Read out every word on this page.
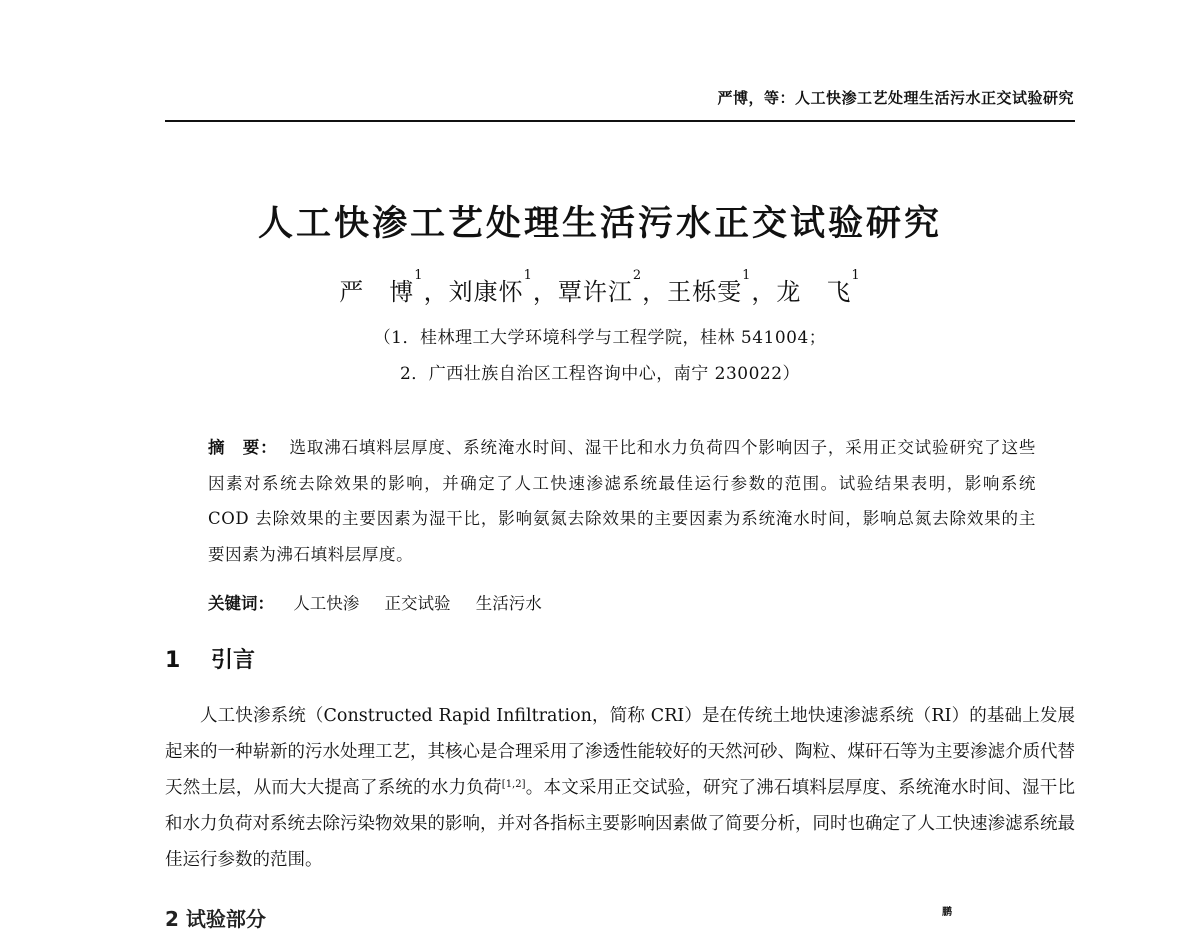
严博，等：人工快渗工艺处理生活污水正交试验研究
人工快渗工艺处理生活污水正交试验研究
严　博$^1$，刘康怀$^1$，覃许江$^2$，王栎雯$^1$，龙　飞$^1$
（1．桂林理工大学环境科学与工程学院，桂林 541004；
2．广西壮族自治区工程咨询中心，南宁 230022）
摘　要： 选取沸石填料层厚度、系统淹水时间、湿干比和水力负荷四个影响因子，采用正交试验研究了这些因素对系统去除效果的影响，并确定了人工快速渗滤系统最佳运行参数的范围。试验结果表明，影响系统 COD 去除效果的主要因素为湿干比，影响氨氮去除效果的主要因素为系统淹水时间，影响总氮去除效果的主要因素为沸石填料层厚度。
关键词： 人工快渗 正交试验 生活污水
1 引言
人工快渗系统（Constructed Rapid Infiltration，简称 CRI）是在传统土地快速渗滤系统（RI）的基础上发展起来的一种崭新的污水处理工艺，其核心是合理采用了渗透性能较好的天然河砂、陶粒、煤矸石等为主要渗滤介质代替天然土层，从而大大提高了系统的水力负荷[1,2]。本文采用正交试验，研究了沸石填料层厚度、系统淹水时间、湿干比和水力负荷对系统去除污染物效果的影响，并对各指标主要影响因素做了简要分析，同时也确定了人工快速渗滤系统最佳运行参数的范围。
2 试验部分	鹏
